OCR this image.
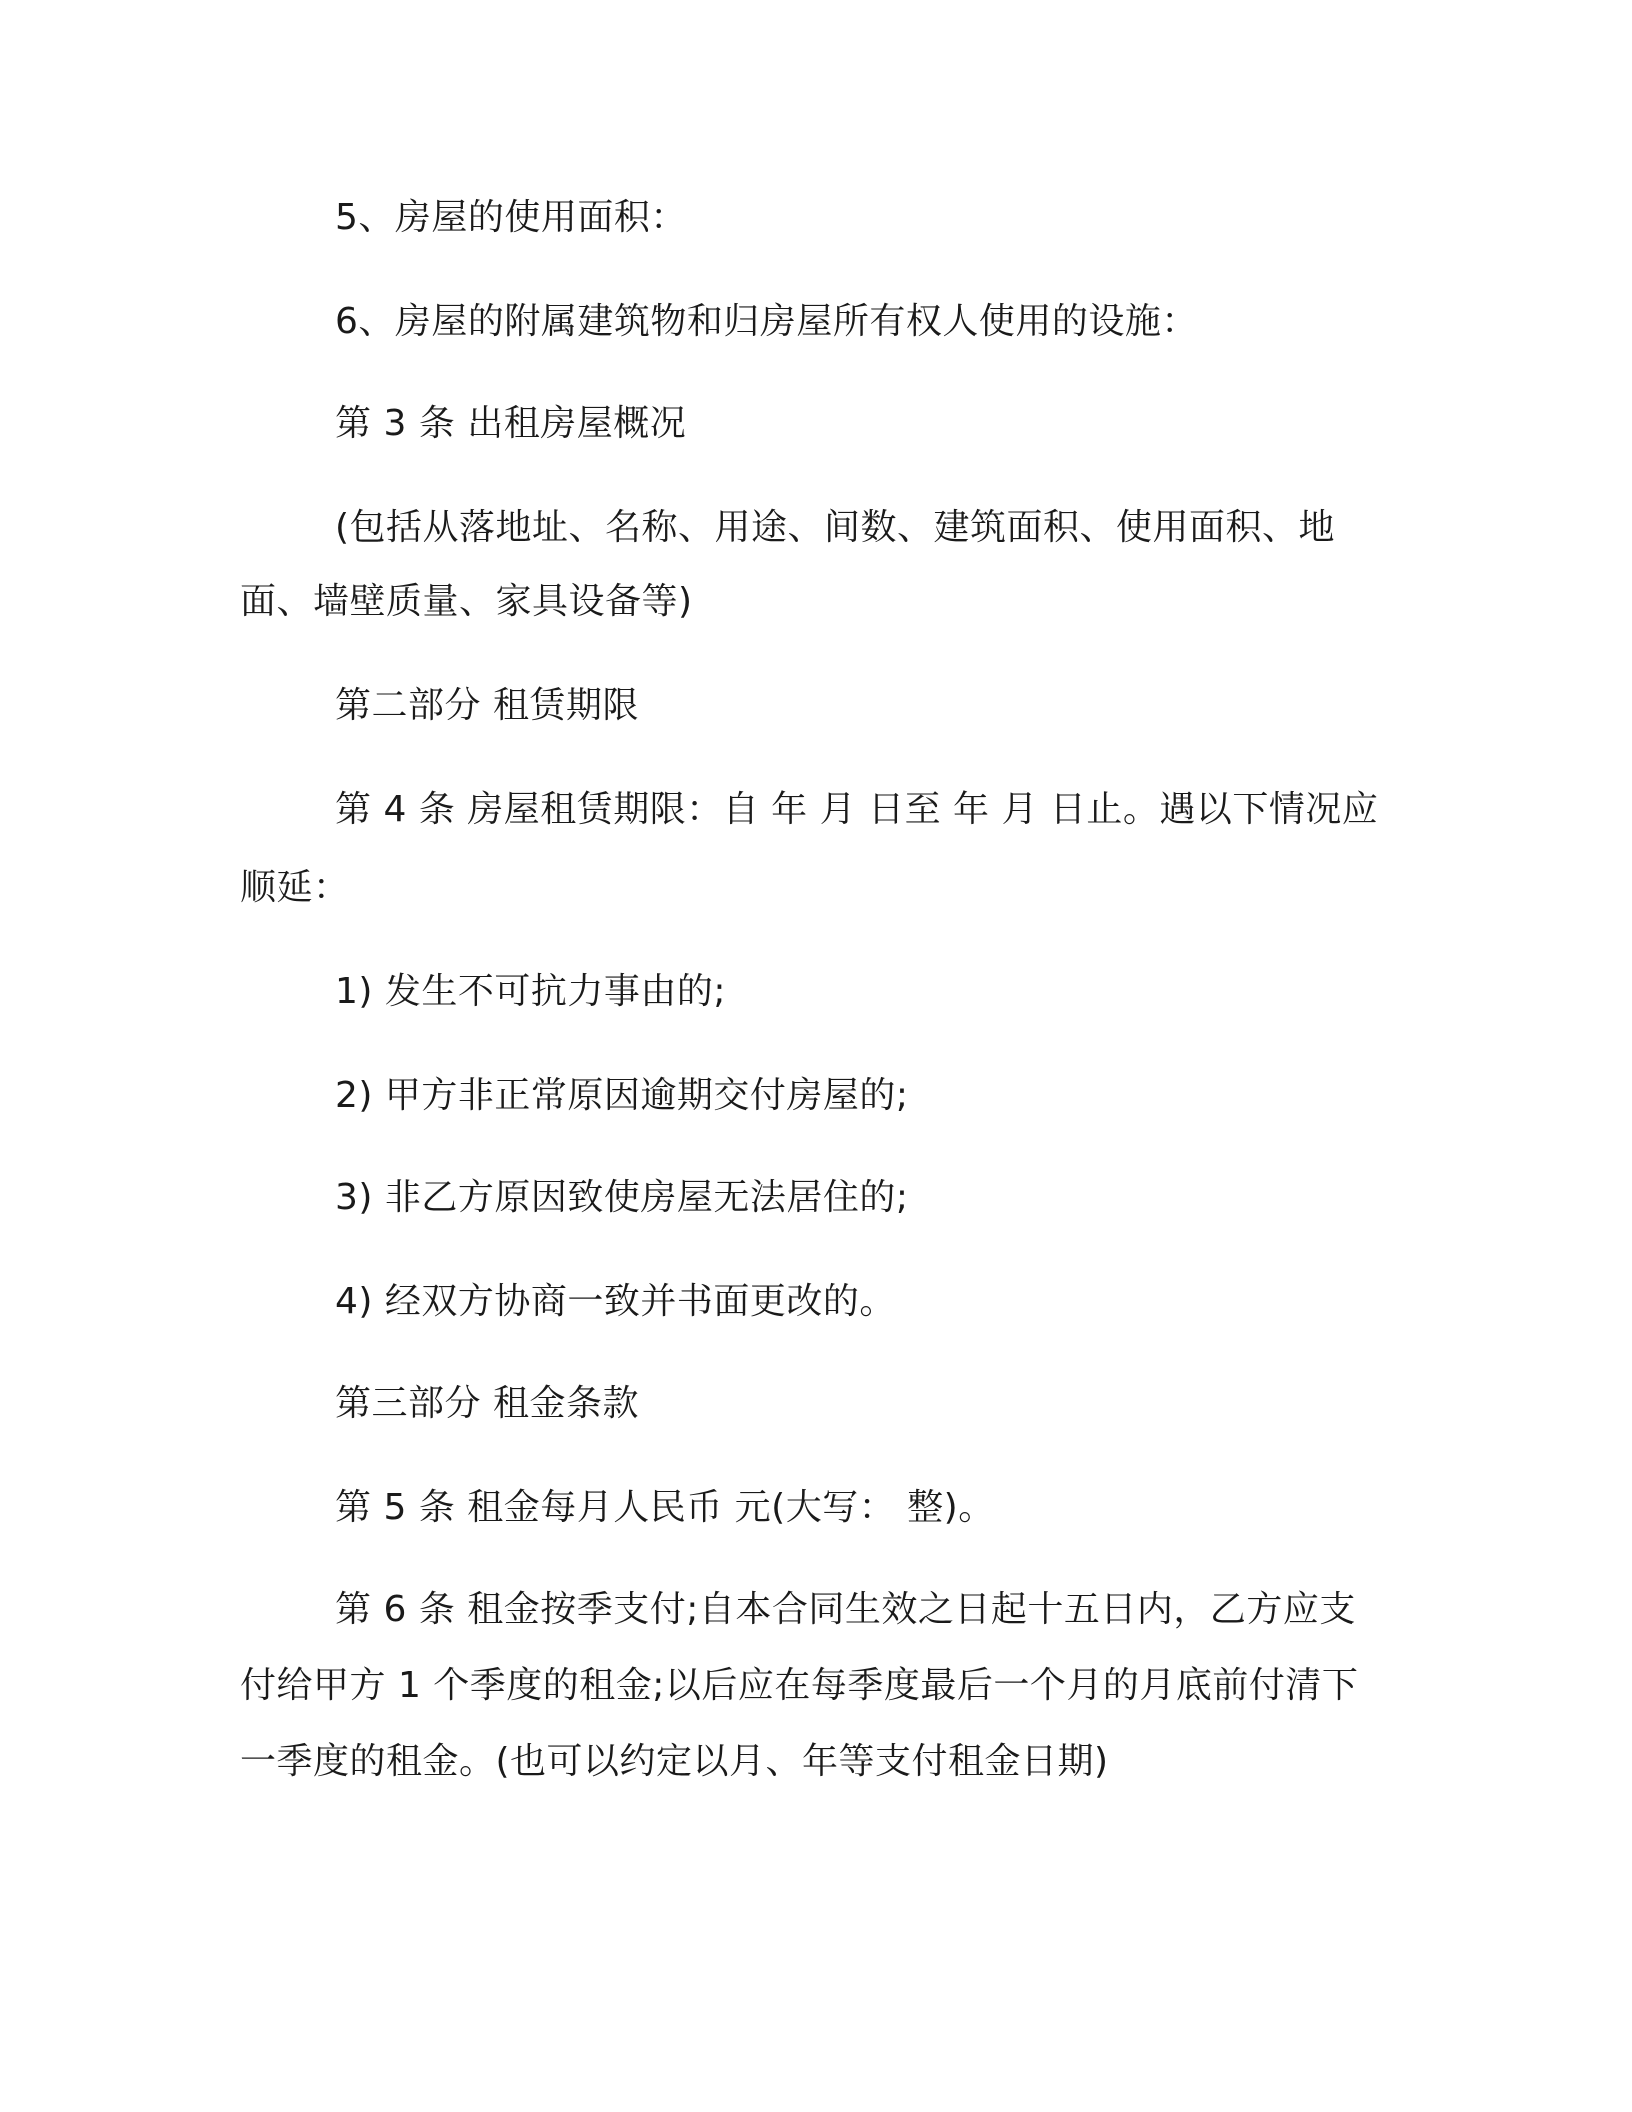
5、房屋的使用面积：
6、房屋的附属建筑物和归房屋所有权人使用的设施：
第 3 条 出租房屋概况
(包括从落地址、名称、用途、间数、建筑面积、使用面积、地
面、墙壁质量、家具设备等)
第二部分 租赁期限
第 4 条 房屋租赁期限：自 年 月 日至 年 月 日止。遇以下情况应
顺延：
1) 发生不可抗力事由的;
2) 甲方非正常原因逾期交付房屋的;
3) 非乙方原因致使房屋无法居住的;
4) 经双方协商一致并书面更改的。
第三部分 租金条款
第 5 条 租金每月人民币 元(大写： 整)。
第 6 条 租金按季支付;自本合同生效之日起十五日内，乙方应支
付给甲方 1 个季度的租金;以后应在每季度最后一个月的月底前付清下
一季度的租金。(也可以约定以月、年等支付租金日期)
